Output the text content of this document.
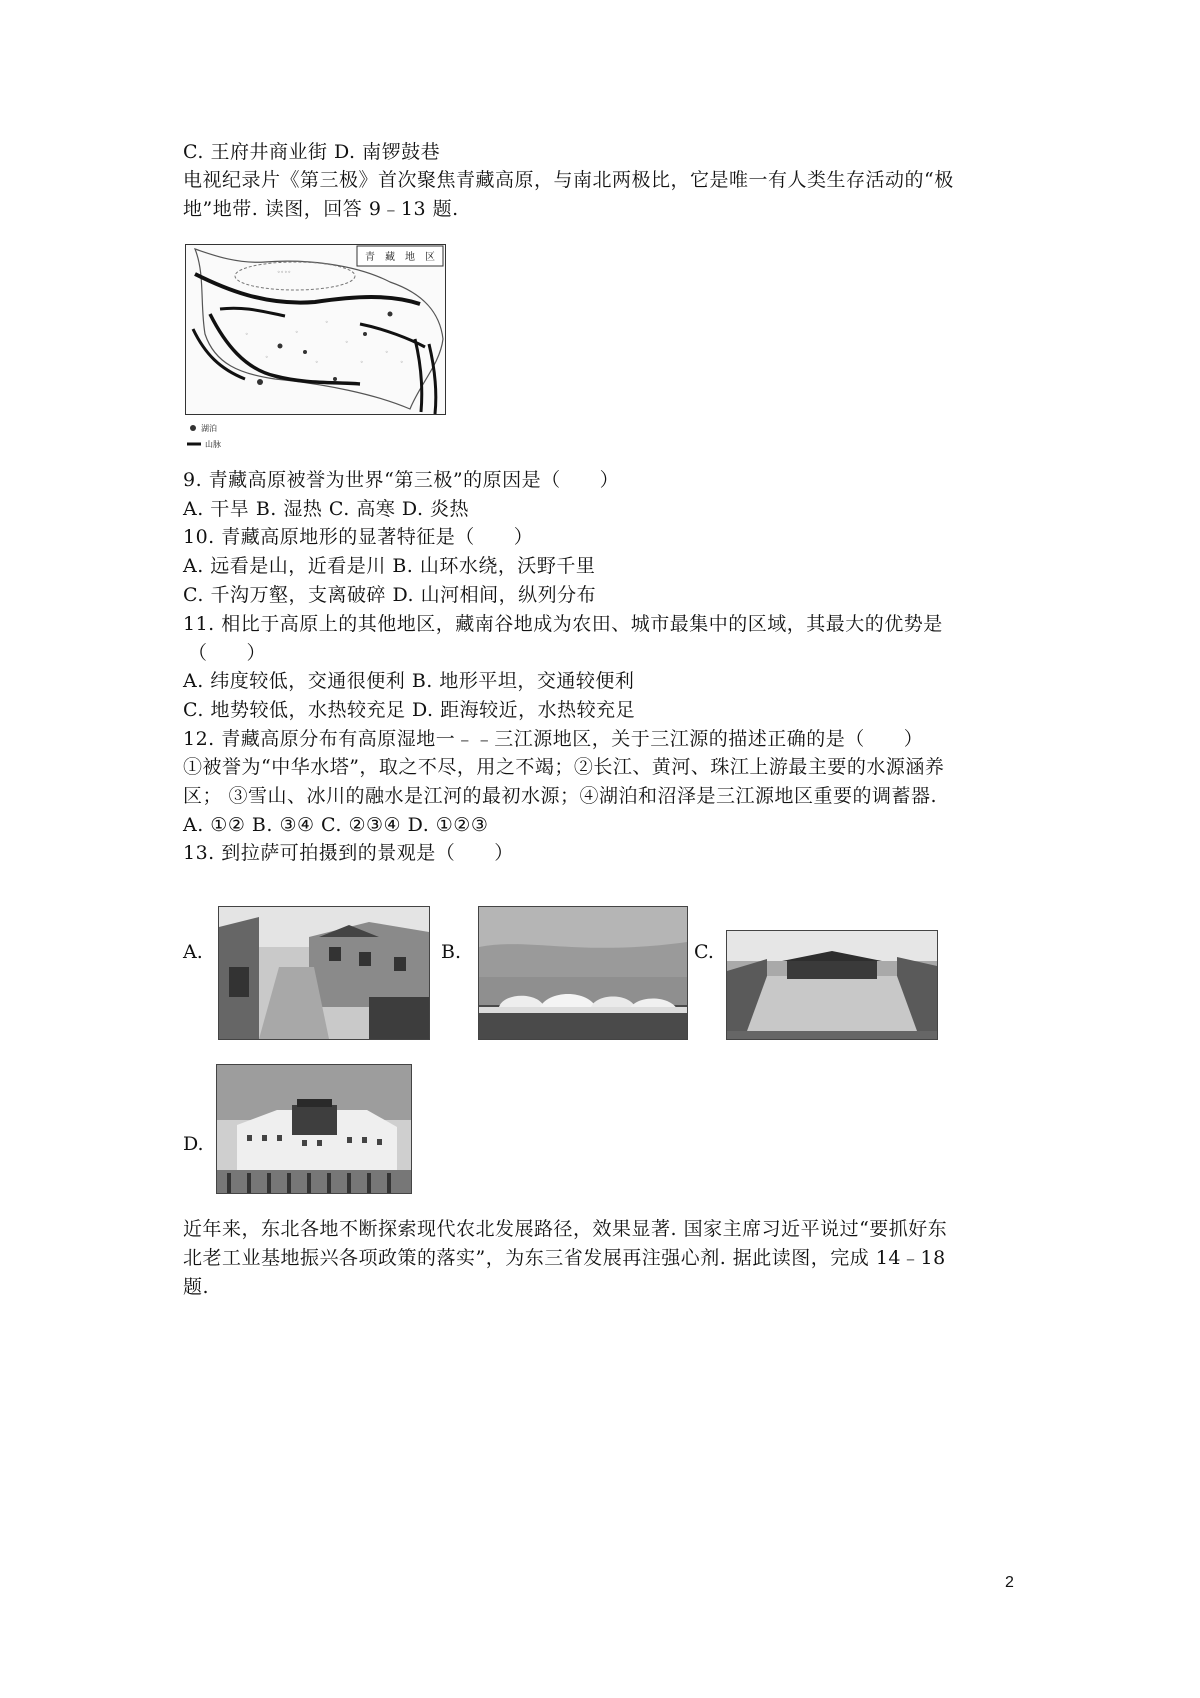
C. 王府井商业街 D. 南锣鼓巷
电视纪录片《第三极》首次聚焦青藏高原，与南北两极比，它是唯一有人类生存活动的“极
地”地带. 读图，回答 9﹣13 题.
青　藏　地　区
◦◦◦◦
◦	◦
◦
◦
◦
◦
◦
◦	◦
湖泊
山脉
9. 青藏高原被誉为世界“第三极”的原因是（　　）
A. 干旱 B. 湿热 C. 高寒 D. 炎热
10. 青藏高原地形的显著特征是（　　）
A. 远看是山，近看是川 B. 山环水绕，沃野千里
C. 千沟万壑，支离破碎 D. 山河相间，纵列分布
11. 相比于高原上的其他地区，藏南谷地成为农田、城市最集中的区域，其最大的优势是
（　　）
A. 纬度较低，交通很便利 B. 地形平坦，交通较便利
C. 地势较低，水热较充足 D. 距海较近，水热较充足
12. 青藏高原分布有高原湿地一﹣﹣三江源地区，关于三江源的描述正确的是（　　）
①被誉为“中华水塔”，取之不尽，用之不竭；②长江、黄河、珠江上游最主要的水源涵养
区； ③雪山、冰川的融水是江河的最初水源；④湖泊和沼泽是三江源地区重要的调蓄器.
A. ①② B. ③④ C. ②③④ D. ①②③
13. 到拉萨可拍摄到的景观是（　　）
A.	B.	C.
D.
近年来，东北各地不断探索现代农北发展路径，效果显著. 国家主席习近平说过“要抓好东
北老工业基地振兴各项政策的落实”，为东三省发展再注强心剂. 据此读图，完成 14﹣18
题.
2
